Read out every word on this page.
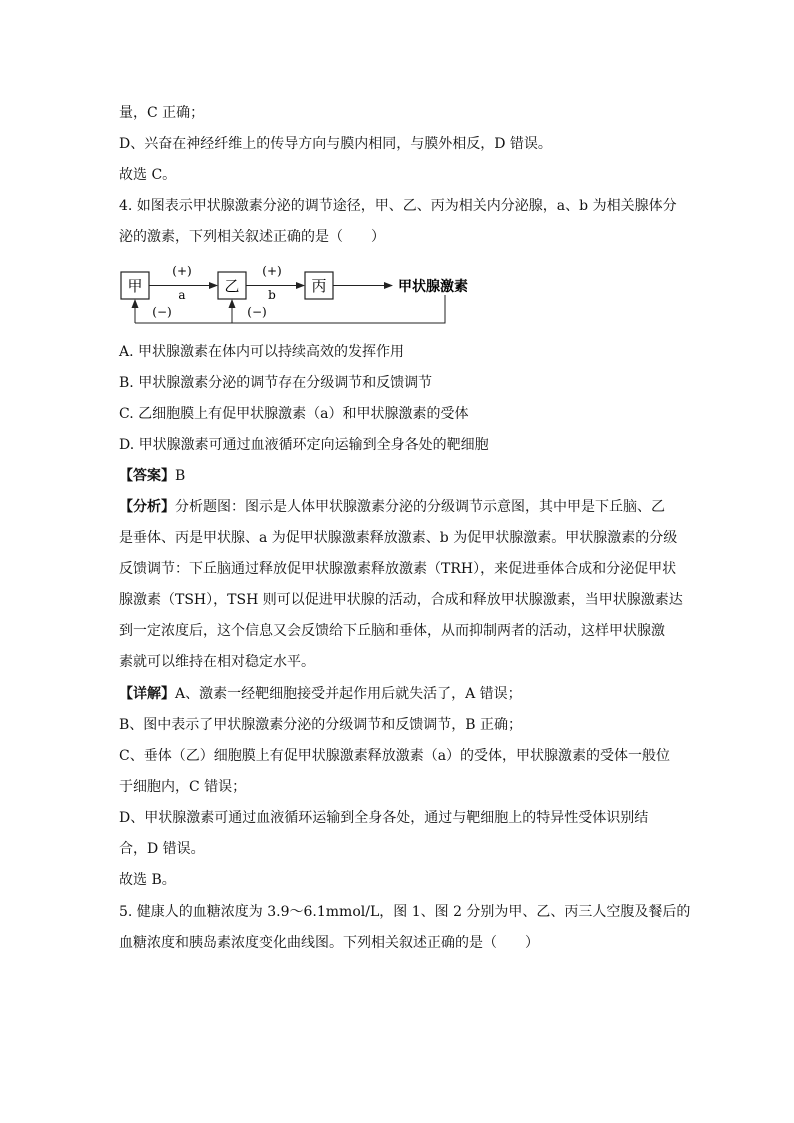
量，C 正确；
D、兴奋在神经纤维上的传导方向与膜内相同，与膜外相反，D 错误。
故选 C。
4. 如图表示甲状腺激素分泌的调节途径，甲、乙、丙为相关内分泌腺，a、b 为相关腺体分
泌的激素，下列相关叙述正确的是（　　）
甲	乙	丙
(+)
a
(+)
b	甲状腺激素
(−)	(−)
A. 甲状腺激素在体内可以持续高效的发挥作用
B. 甲状腺激素分泌的调节存在分级调节和反馈调节
C. 乙细胞膜上有促甲状腺激素（a）和甲状腺激素的受体
D. 甲状腺激素可通过血液循环定向运输到全身各处的靶细胞
【答案】B
【分析】分析题图：图示是人体甲状腺激素分泌的分级调节示意图，其中甲是下丘脑、乙
是垂体、丙是甲状腺、a 为促甲状腺激素释放激素、b 为促甲状腺激素。甲状腺激素的分级
反馈调节：下丘脑通过释放促甲状腺激素释放激素（TRH），来促进垂体合成和分泌促甲状
腺激素（TSH），TSH 则可以促进甲状腺的活动，合成和释放甲状腺激素，当甲状腺激素达
到一定浓度后，这个信息又会反馈给下丘脑和垂体，从而抑制两者的活动，这样甲状腺激
素就可以维持在相对稳定水平。
【详解】A、激素一经靶细胞接受并起作用后就失活了，A 错误；
B、图中表示了甲状腺激素分泌的分级调节和反馈调节，B 正确；
C、垂体（乙）细胞膜上有促甲状腺激素释放激素（a）的受体，甲状腺激素的受体一般位
于细胞内，C 错误；
D、甲状腺激素可通过血液循环运输到全身各处，通过与靶细胞上的特异性受体识别结
合，D 错误。
故选 B。
5. 健康人的血糖浓度为 3.9～6.1mmol/L，图 1、图 2 分别为甲、乙、丙三人空腹及餐后的
血糖浓度和胰岛素浓度变化曲线图。下列相关叙述正确的是（　　）
